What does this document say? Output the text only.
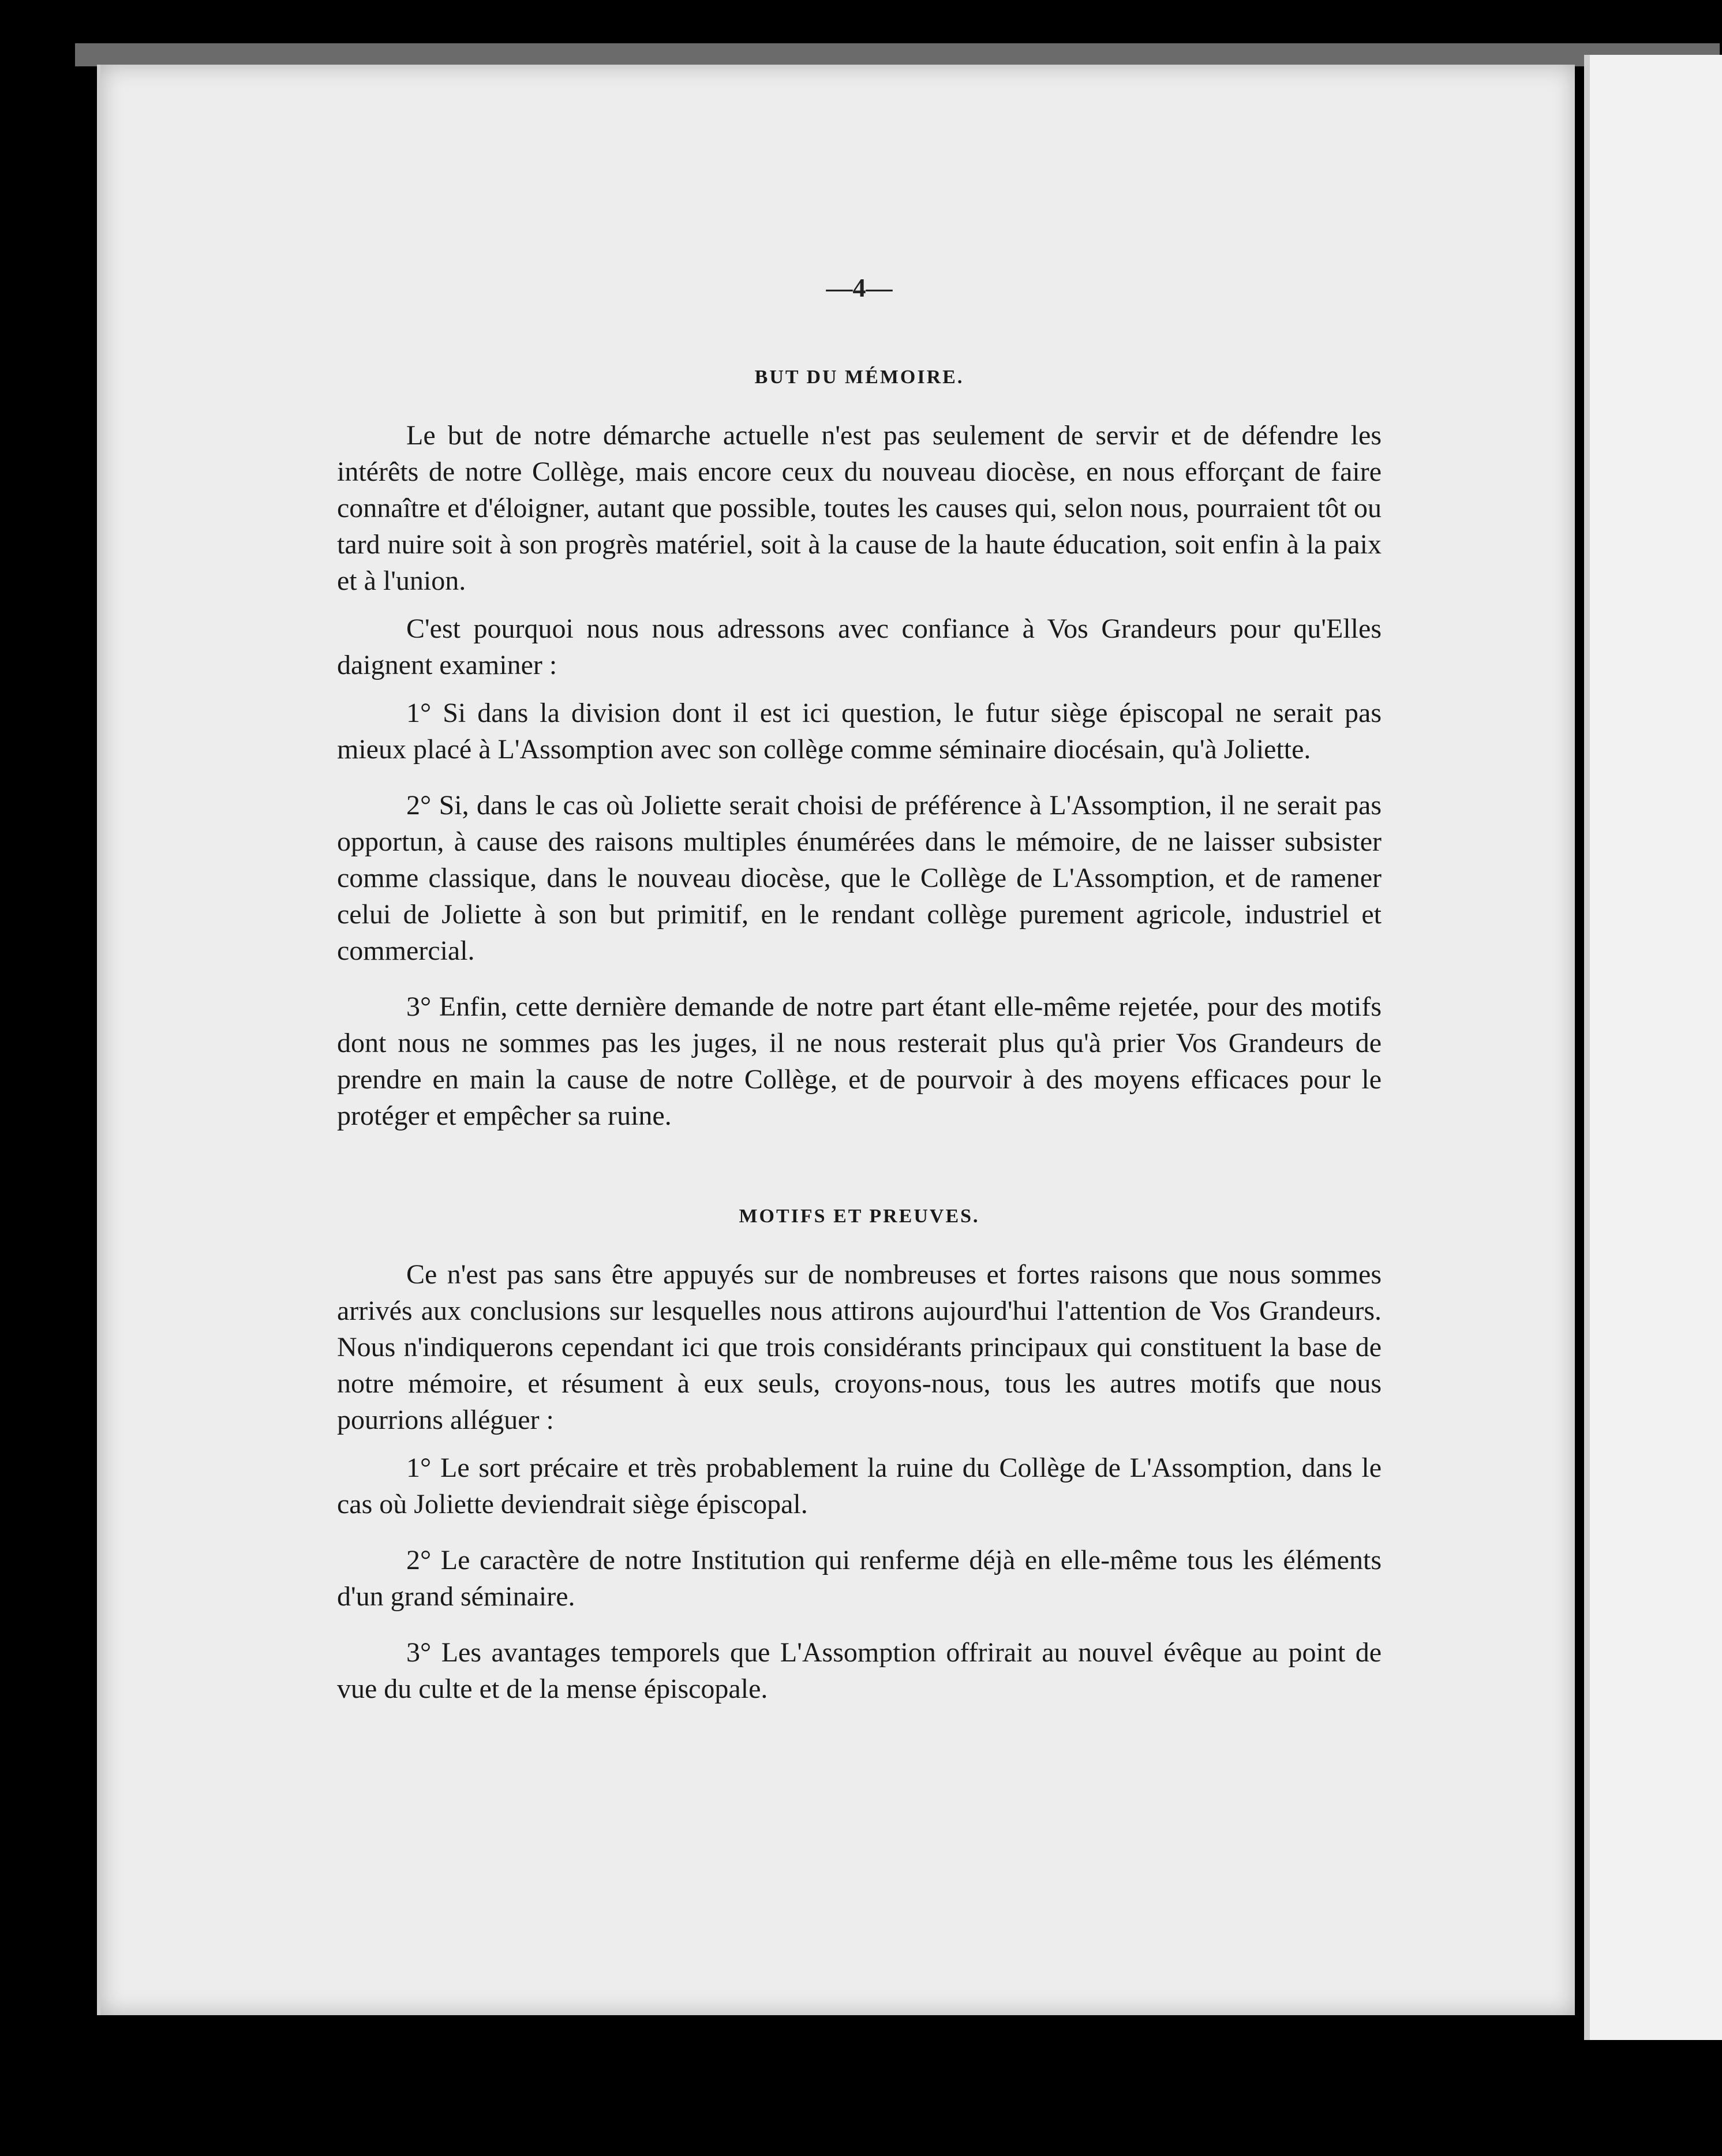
—4—
BUT DU MÉMOIRE.

Le but de notre démarche actuelle n'est pas seulement de servir et de défendre les intérêts de notre Collège, mais encore ceux du nouveau diocèse, en nous efforçant de faire connaître et d'éloigner, autant que possible, toutes les causes qui, selon nous, pourraient tôt ou tard nuire soit à son progrès matériel, soit à la cause de la haute éducation, soit enfin à la paix et à l'union.

C'est pourquoi nous nous adressons avec confiance à Vos Grandeurs pour qu'Elles daignent examiner :

1° Si dans la division dont il est ici question, le futur siège épiscopal ne serait pas mieux placé à L'Assomption avec son collège comme séminaire diocésain, qu'à Joliette.

2° Si, dans le cas où Joliette serait choisi de préférence à L'Assomption, il ne serait pas opportun, à cause des raisons multiples énumérées dans le mémoire, de ne laisser subsister comme classique, dans le nouveau diocèse, que le Collège de L'Assomption, et de ramener celui de Joliette à son but primitif, en le rendant collège purement agricole, industriel et commercial.

3° Enfin, cette dernière demande de notre part étant elle-même rejetée, pour des motifs dont nous ne sommes pas les juges, il ne nous resterait plus qu'à prier Vos Grandeurs de prendre en main la cause de notre Collège, et de pourvoir à des moyens efficaces pour le protéger et empêcher sa ruine.

MOTIFS ET PREUVES.

Ce n'est pas sans être appuyés sur de nombreuses et fortes raisons que nous sommes arrivés aux conclusions sur lesquelles nous attirons aujourd'hui l'attention de Vos Grandeurs. Nous n'indiquerons cependant ici que trois considérants principaux qui constituent la base de notre mémoire, et résument à eux seuls, croyons-nous, tous les autres motifs que nous pourrions alléguer :

1° Le sort précaire et très probablement la ruine du Collège de L'Assomption, dans le cas où Joliette deviendrait siège épiscopal.

2° Le caractère de notre Institution qui renferme déjà en elle-même tous les éléments d'un grand séminaire.

3° Les avantages temporels que L'Assomption offrirait au nouvel évêque au point de vue du culte et de la mense épiscopale.
